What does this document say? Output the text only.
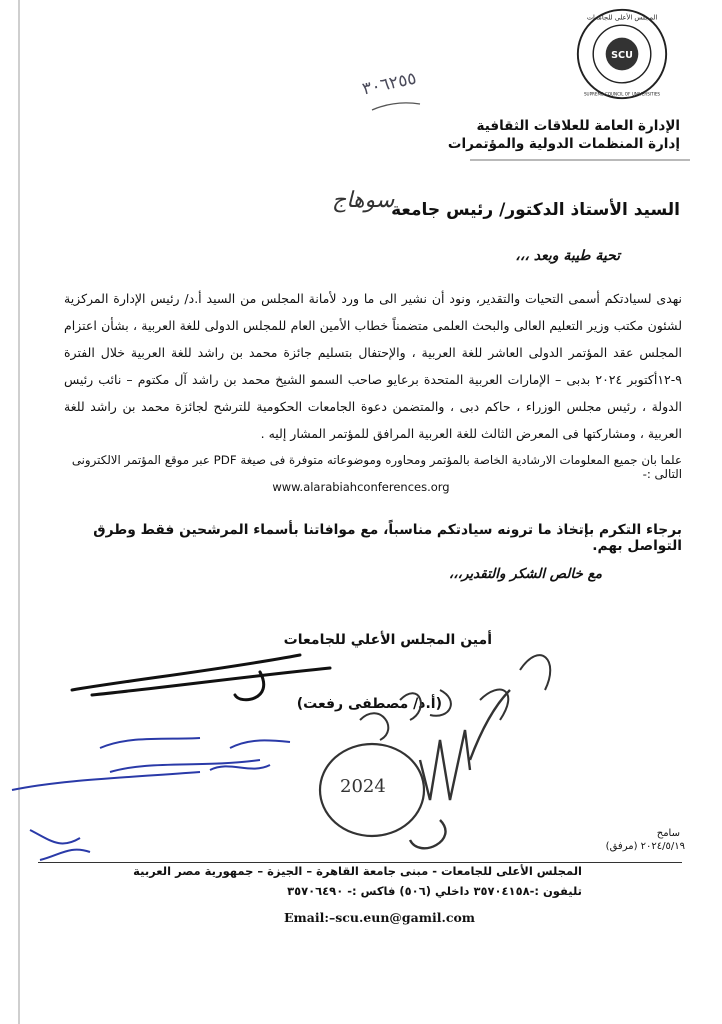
SCU
المجلس الأعلى للجامعات
SUPREME COUNCIL OF UNIVERSITIES
الإدارة العامة للعلاقات الثقافية
إدارة المنظمات الدولية والمؤتمرات
٣٠٦٢٥٥
السيد الأستاذ الدكتور/ رئيس جامعة
سوهاج
تحية طيبة وبعد ،،،
نهدى لسيادتكم أسمى التحيات والتقدير، ونود أن نشير الى ما ورد لأمانة المجلس من السيد أ.د/ رئيس الإدارة المركزية لشئون مكتب وزير التعليم العالى والبحث العلمى متضمناً خطاب الأمين العام للمجلس الدولى للغة العربية ، بشأن اعتزام المجلس عقد المؤتمر الدولى العاشر للغة العربية ، والإحتفال بتسليم جائزة محمد بن راشد للغة العربية خلال الفترة ٩-١٢أكتوبر ٢٠٢٤ بدبى – الإمارات العربية المتحدة برعايو صاحب السمو الشيخ محمد بن راشد آل مكتوم – نائب رئيس الدولة ، رئيس مجلس الوزراء ، حاكم دبى ، والمتضمن دعوة الجامعات الحكومية للترشح لجائزة محمد بن راشد للغة العربية ، ومشاركتها فى المعرض الثالث للغة العربية المرافق للمؤتمر المشار إليه .
علما بان جميع المعلومات الارشادية الخاصة بالمؤتمر ومحاوره وموضوعاته متوفرة فى صيغة PDF عبر موقع المؤتمر الالكترونى التالى :-
www.alarabiahconferences.org
برجاء التكرم بإتخاذ ما ترونه سيادتكم مناسباً، مع موافاتنا بأسماء المرشحين فقط وطرق التواصل بهم.
مع خالص الشكر والتقدير،،،
أمين المجلس الأعلي للجامعات
(أ.د/ مصطفى رفعت)
سامح
٢٠٢٤/٥/١٩ (مرفق)
المجلس الأعلى للجامعات - مبنى جامعة القاهرة – الجيزة – جمهورية مصر العربية
تليفون :-٣٥٧٠٤١٥٨ داخلي (٥٠٦) فاكس :- ٣٥٧٠٦٤٩٠
Email:–scu.eun@gamil.com
2024
